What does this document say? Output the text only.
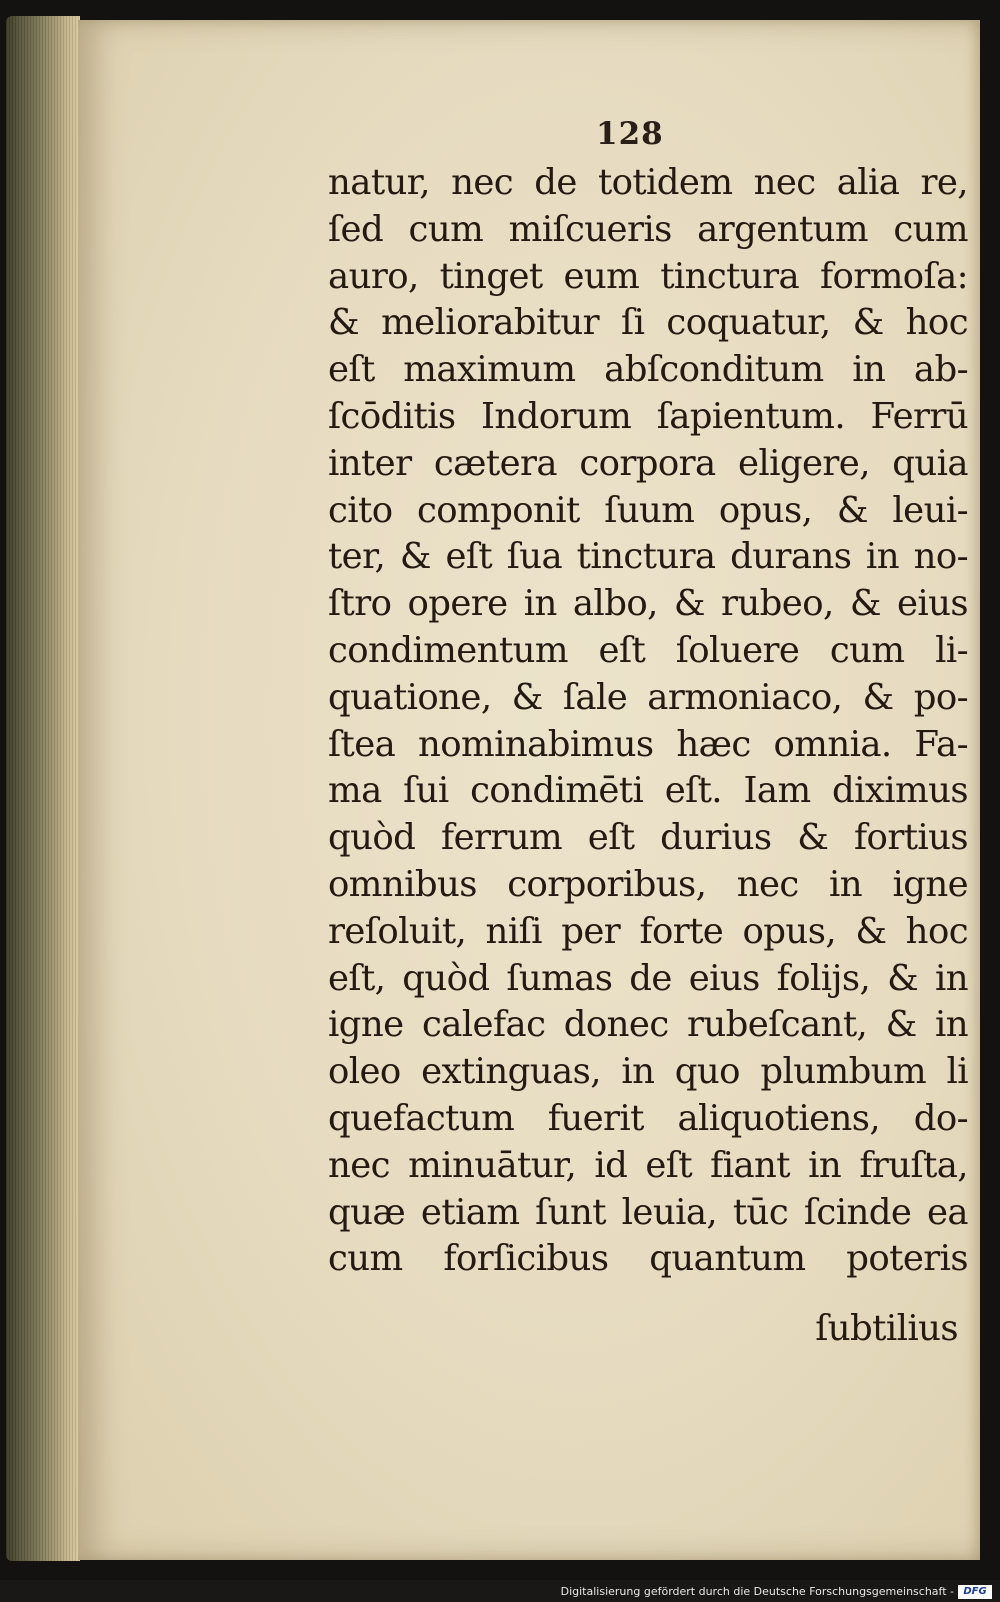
128
natur, nec de totidem nec alia re,
ſed cum miſcueris argentum cum
auro, tinget eum tinctura formoſa:
& meliorabitur ſi coquatur, & hoc
eſt maximum abſconditum in ab-
ſcōditis Indorum ſapientum. Ferrū
inter cætera corpora eligere, quia
cito componit ſuum opus, & leui-
ter, & eſt ſua tinctura durans in no-
ſtro opere in albo, & rubeo, & eius
condimentum eſt ſoluere cum li-
quatione, & ſale armoniaco, & po-
ſtea nominabimus hæc omnia. Fa-
ma ſui condimēti eſt. Iam diximus
quòd ferrum eſt durius & fortius
omnibus corporibus, nec in igne
reſoluit, niſi per forte opus, & hoc
eſt, quòd ſumas de eius folijs, & in
igne calefac donec rubeſcant, & in
oleo extinguas, in quo plumbum li
quefactum fuerit aliquotiens, do-
nec minuātur, id eſt fiant in fruſta,
quæ etiam ſunt leuia, tūc ſcinde ea
cum forſicibus quantum poteris
ſubtilius
Digitalisierung gefördert durch die Deutsche Forschungsgemeinschaft - DFG
